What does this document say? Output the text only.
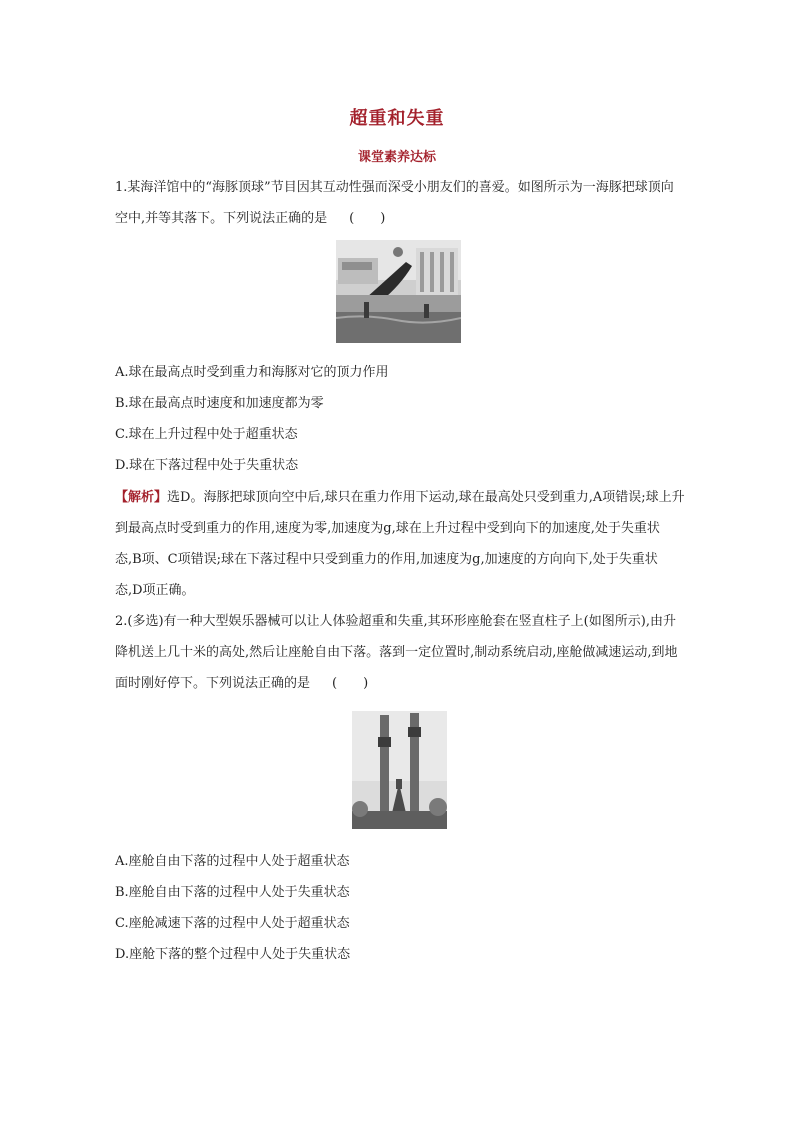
超重和失重
课堂素养达标

1.某海洋馆中的“海豚顶球”节目因其互动性强而深受小朋友们的喜爱。如图所示为一海豚把球顶向空中,并等其落下。下列说法正确的是 (　　)

A.球在最高点时受到重力和海豚对它的顶力作用
B.球在最高点时速度和加速度都为零
C.球在上升过程中处于超重状态
D.球在下落过程中处于失重状态

【解析】选D。海豚把球顶向空中后,球只在重力作用下运动,球在最高处只受到重力,A项错误;球上升到最高点时受到重力的作用,速度为零,加速度为g,球在上升过程中受到向下的加速度,处于失重状态,B项、C项错误;球在下落过程中只受到重力的作用,加速度为g,加速度的方向向下,处于失重状态,D项正确。

2.(多选)有一种大型娱乐器械可以让人体验超重和失重,其环形座舱套在竖直柱子上(如图所示),由升降机送上几十米的高处,然后让座舱自由下落。落到一定位置时,制动系统启动,座舱做减速运动,到地面时刚好停下。下列说法正确的是 (　　)

A.座舱自由下落的过程中人处于超重状态
B.座舱自由下落的过程中人处于失重状态
C.座舱减速下落的过程中人处于超重状态
D.座舱下落的整个过程中人处于失重状态
